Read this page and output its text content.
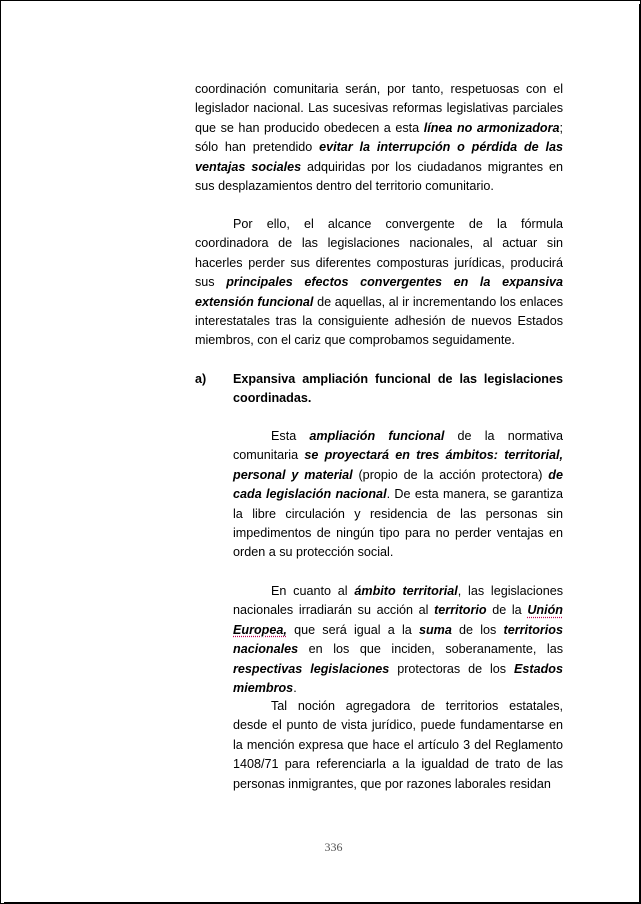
coordinación comunitaria serán, por tanto, respetuosas con el legislador nacional. Las sucesivas reformas legislativas parciales que se han producido obedecen a esta línea no armonizadora; sólo han pretendido evitar la interrupción o pérdida de las ventajas sociales adquiridas por los ciudadanos migrantes en sus desplazamientos dentro del territorio comunitario.
Por ello, el alcance convergente de la fórmula coordinadora de las legislaciones nacionales, al actuar sin hacerles perder sus diferentes composturas jurídicas, producirá sus principales efectos convergentes en la expansiva extensión funcional de aquellas, al ir incrementando los enlaces interestatales tras la consiguiente adhesión de nuevos Estados miembros, con el cariz que comprobamos seguidamente.
a) Expansiva ampliación funcional de las legislaciones coordinadas.
Esta ampliación funcional de la normativa comunitaria se proyectará en tres ámbitos: territorial, personal y material (propio de la acción protectora) de cada legislación nacional. De esta manera, se garantiza la libre circulación y residencia de las personas sin impedimentos de ningún tipo para no perder ventajas en orden a su protección social.
En cuanto al ámbito territorial, las legislaciones nacionales irradiarán su acción al territorio de la Unión Europea, que será igual a la suma de los territorios nacionales en los que inciden, soberanamente, las respectivas legislaciones protectoras de los Estados miembros.
Tal noción agregadora de territorios estatales, desde el punto de vista jurídico, puede fundamentarse en la mención expresa que hace el artículo 3 del Reglamento 1408/71 para referenciarla a la igualdad de trato de las personas inmigrantes, que por razones laborales residan
336
